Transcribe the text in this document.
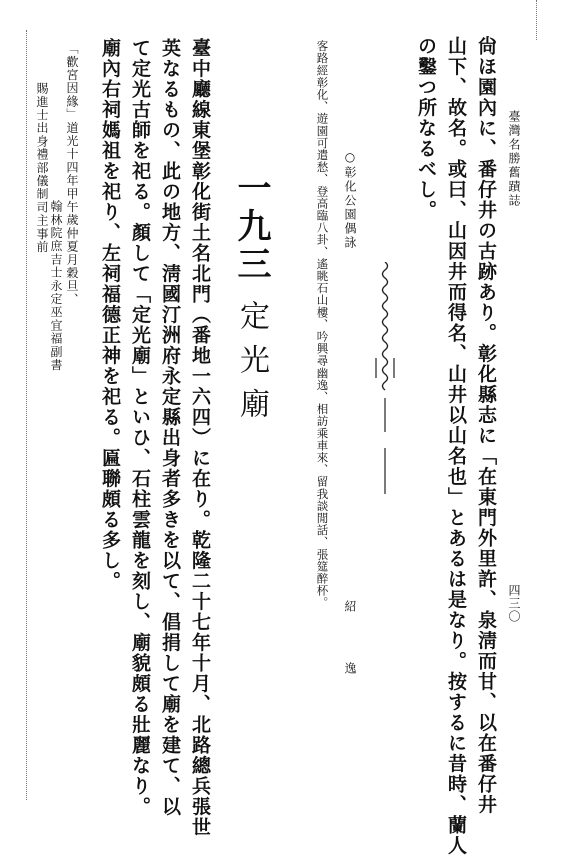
臺灣名勝舊蹟誌
四三〇
尙ほ園內に、番仔井の古跡あり。彰化縣志に「在東門外里許、泉淸而甘、以在番仔井
山下、故名。或曰、山因井而得名、山井以山名也」とあるは是なり。按するに昔時、蘭人
の鑿つ所なるべし。
○彰化公園偶詠
紹 逸
客路經彰化、遊園可遣愁、登高臨八卦、遙眺石山樓、吟興尋幽逸、相訪乘車來、留我談閒話、張筵醉杯。
一九三
定光廟
臺中廳線東堡彰化街土名北門（番地一六四）に在り。乾隆二十七年十月、北路總兵張世
英なるもの、此の地方、淸國汀洲府永定縣出身者多きを以て、倡捐して廟を建て、以
て定光古師を祀る。顏して「定光廟」といひ、石柱雲龍を刻し、廟貌頗る壯麗なり。
廟內右祠媽祖を祀り、左祠福德正神を祀る。匾聯頗る多し。
「歡宮因緣」道光十四年甲午歲仲夏月穀旦、
翰林院庶吉士永定巫宜福副書
賜進士出身禮部儀制司主事前
